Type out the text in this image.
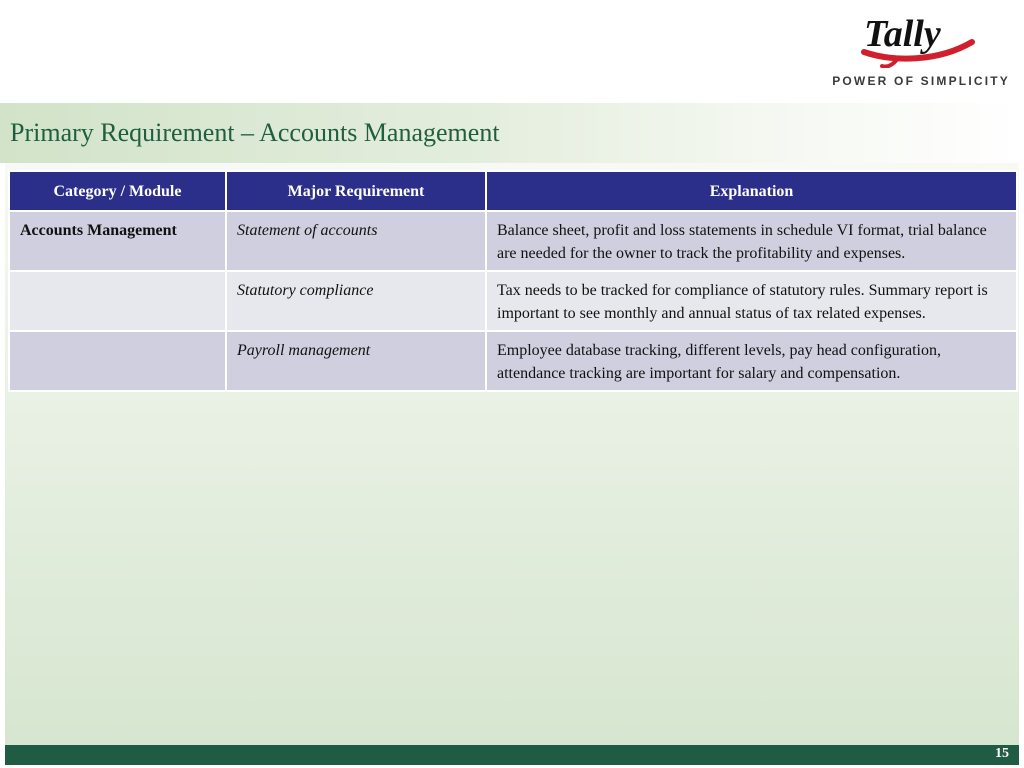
Tally
POWER OF SIMPLICITY
Primary Requirement – Accounts Management
Category / Module	Major Requirement	Explanation
Accounts Management	Statement of accounts	Balance sheet, profit and loss statements in schedule VI format, trial balance are needed for the owner to track the profitability and expenses.
	Statutory compliance	Tax needs to be tracked for compliance of statutory rules. Summary report is important to see monthly and annual status of tax related expenses.
	Payroll management	Employee database tracking, different levels, pay head configuration, attendance tracking are important for salary and compensation.
15
